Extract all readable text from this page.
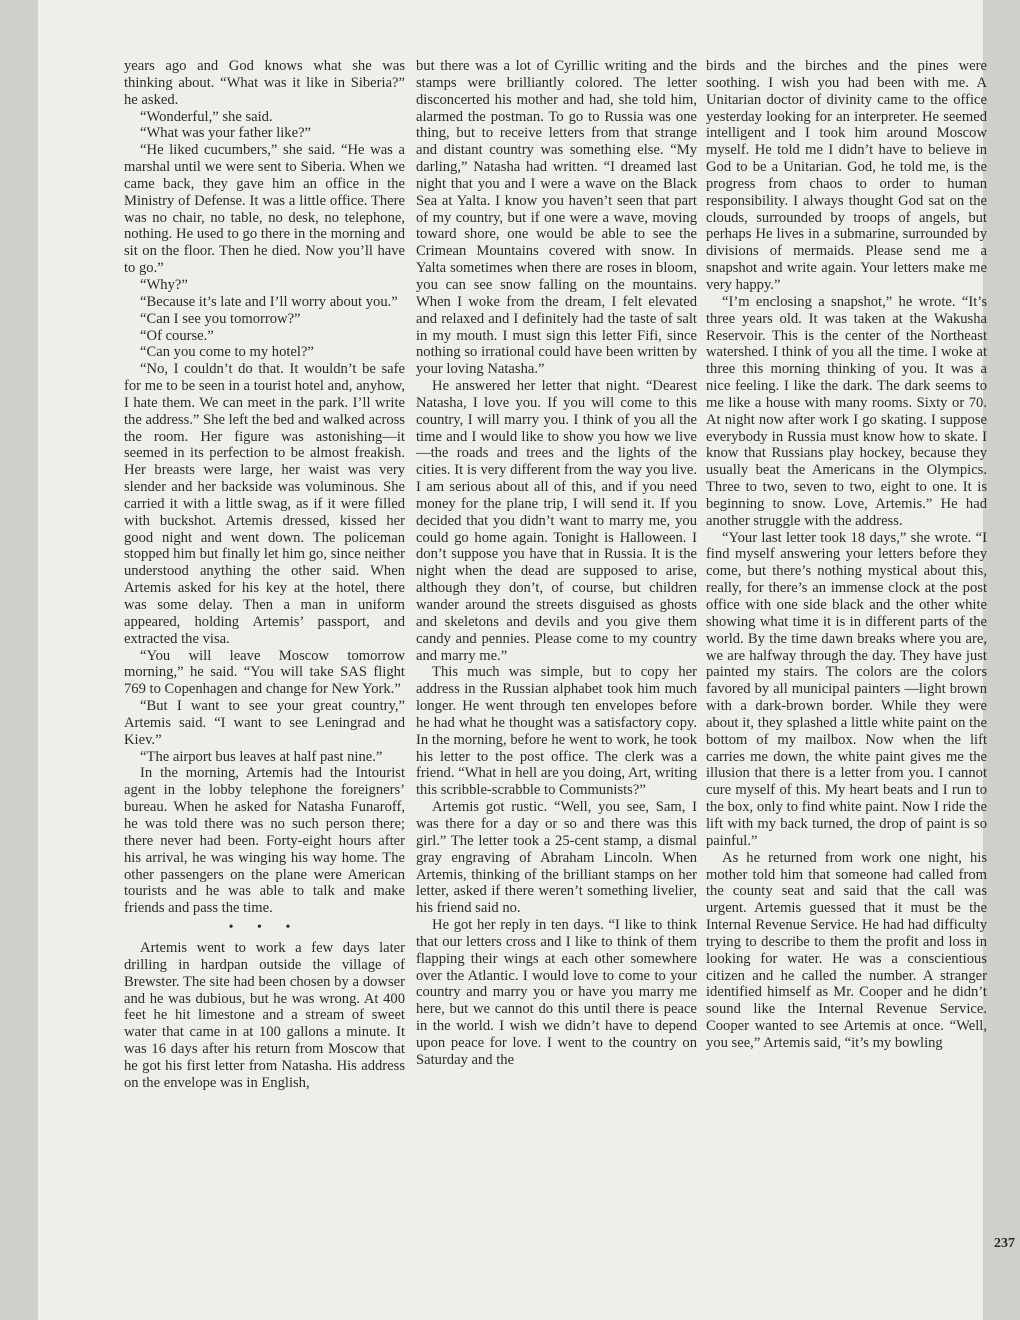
years ago and God knows what she was thinking about. “What was it like in Siberia?” he asked.

“Wonderful,” she said.

“What was your father like?”

“He liked cucumbers,” she said. “He was a marshal until we were sent to Siberia. When we came back, they gave him an office in the Ministry of Defense. It was a little office. There was no chair, no table, no desk, no telephone, nothing. He used to go there in the morning and sit on the floor. Then he died. Now you’ll have to go.”

“Why?”

“Because it’s late and I’ll worry about you.”

“Can I see you tomorrow?”

“Of course.”

“Can you come to my hotel?”

“No, I couldn’t do that. It wouldn’t be safe for me to be seen in a tourist hotel and, anyhow, I hate them. We can meet in the park. I’ll write the address.” She left the bed and walked across the room. Her figure was astonishing—it seemed in its perfection to be almost freakish. Her breasts were large, her waist was very slender and her backside was voluminous. She carried it with a little swag, as if it were filled with buckshot. Artemis dressed, kissed her good night and went down. The policeman stopped him but finally let him go, since neither understood anything the other said. When Artemis asked for his key at the hotel, there was some delay. Then a man in uniform appeared, holding Artemis’ passport, and extracted the visa.

“You will leave Moscow tomorrow morning,” he said. “You will take SAS flight 769 to Copenhagen and change for New York.”

“But I want to see your great country,” Artemis said. “I want to see Leningrad and Kiev.”

“The airport bus leaves at half past nine.”

In the morning, Artemis had the Intourist agent in the lobby telephone the foreigners’ bureau. When he asked for Natasha Funaroff, he was told there was no such person there; there never had been. Forty-eight hours after his arrival, he was winging his way home. The other passengers on the plane were American tourists and he was able to talk and make friends and pass the time.

• • •

Artemis went to work a few days later drilling in hardpan outside the village of Brewster. The site had been chosen by a dowser and he was dubious, but he was wrong. At 400 feet he hit limestone and a stream of sweet water that came in at 100 gallons a minute. It was 16 days after his return from Moscow that he got his first letter from Natasha. His address on the envelope was in English,

but there was a lot of Cyrillic writing and the stamps were brilliantly colored. The letter disconcerted his mother and had, she told him, alarmed the postman. To go to Russia was one thing, but to receive letters from that strange and distant country was something else. “My darling,” Natasha had written. “I dreamed last night that you and I were a wave on the Black Sea at Yalta. I know you haven’t seen that part of my country, but if one were a wave, moving toward shore, one would be able to see the Crimean Mountains covered with snow. In Yalta sometimes when there are roses in bloom, you can see snow falling on the mountains. When I woke from the dream, I felt elevated and relaxed and I definitely had the taste of salt in my mouth. I must sign this letter Fifi, since nothing so irrational could have been written by your loving Natasha.”

He answered her letter that night. “Dearest Natasha, I love you. If you will come to this country, I will marry you. I think of you all the time and I would like to show you how we live—the roads and trees and the lights of the cities. It is very different from the way you live. I am serious about all of this, and if you need money for the plane trip, I will send it. If you decided that you didn’t want to marry me, you could go home again. Tonight is Halloween. I don’t suppose you have that in Russia. It is the night when the dead are supposed to arise, although they don’t, of course, but children wander around the streets disguised as ghosts and skeletons and devils and you give them candy and pennies. Please come to my country and marry me.”

This much was simple, but to copy her address in the Russian alphabet took him much longer. He went through ten envelopes before he had what he thought was a satisfactory copy. In the morning, before he went to work, he took his letter to the post office. The clerk was a friend. “What in hell are you doing, Art, writing this scribble-scrabble to Communists?”

Artemis got rustic. “Well, you see, Sam, I was there for a day or so and there was this girl.” The letter took a 25-cent stamp, a dismal gray engraving of Abraham Lincoln. When Artemis, thinking of the brilliant stamps on her letter, asked if there weren’t something livelier, his friend said no.

He got her reply in ten days. “I like to think that our letters cross and I like to think of them flapping their wings at each other somewhere over the Atlantic. I would love to come to your country and marry you or have you marry me here, but we cannot do this until there is peace in the world. I wish we didn’t have to depend upon peace for love. I went to the country on Saturday and the

birds and the birches and the pines were soothing. I wish you had been with me. A Unitarian doctor of divinity came to the office yesterday looking for an interpreter. He seemed intelligent and I took him around Moscow myself. He told me I didn’t have to believe in God to be a Unitarian. God, he told me, is the progress from chaos to order to human responsibility. I always thought God sat on the clouds, surrounded by troops of angels, but perhaps He lives in a submarine, surrounded by divisions of mermaids. Please send me a snapshot and write again. Your letters make me very happy.”

“I’m enclosing a snapshot,” he wrote. “It’s three years old. It was taken at the Wakusha Reservoir. This is the center of the Northeast watershed. I think of you all the time. I woke at three this morning thinking of you. It was a nice feeling. I like the dark. The dark seems to me like a house with many rooms. Sixty or 70. At night now after work I go skating. I suppose everybody in Russia must know how to skate. I know that Russians play hockey, because they usually beat the Americans in the Olympics. Three to two, seven to two, eight to one. It is beginning to snow. Love, Artemis.” He had another struggle with the address.

“Your last letter took 18 days,” she wrote. “I find myself answering your letters before they come, but there’s nothing mystical about this, really, for there’s an immense clock at the post office with one side black and the other white showing what time it is in different parts of the world. By the time dawn breaks where you are, we are halfway through the day. They have just painted my stairs. The colors are the colors favored by all municipal painters —light brown with a dark-brown border. While they were about it, they splashed a little white paint on the bottom of my mailbox. Now when the lift carries me down, the white paint gives me the illusion that there is a letter from you. I cannot cure myself of this. My heart beats and I run to the box, only to find white paint. Now I ride the lift with my back turned, the drop of paint is so painful.”

As he returned from work one night, his mother told him that someone had called from the county seat and said that the call was urgent. Artemis guessed that it must be the Internal Revenue Service. He had had difficulty trying to describe to them the profit and loss in looking for water. He was a conscientious citizen and he called the number. A stranger identified himself as Mr. Cooper and he didn’t sound like the Internal Revenue Service. Cooper wanted to see Artemis at once. “Well, you see,” Artemis said, “it’s my bowling

237
